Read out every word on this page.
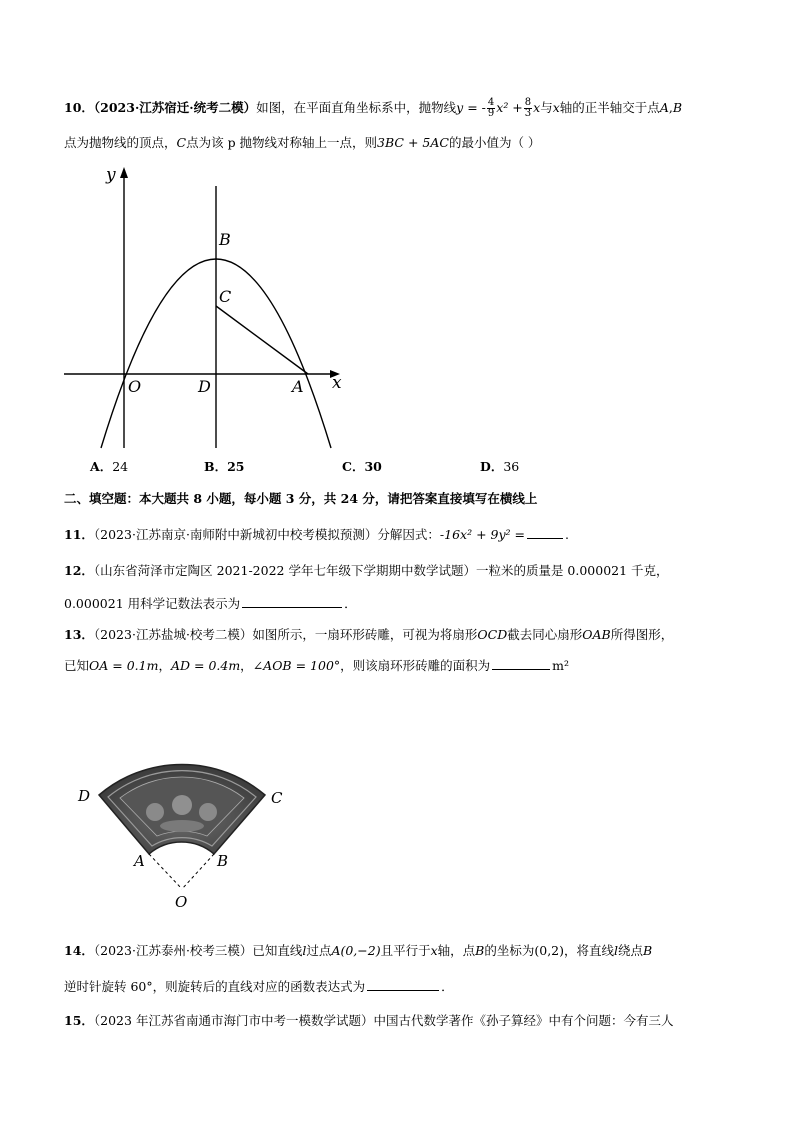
10．（2023·江苏宿迁·统考二模）如图，在平面直角坐标系中，抛物线y = - $\frac{4}{9} x^2 + \frac{8}{3}$ x与x轴的正半轴交于点A,B
点为抛物线的顶点，C点为该 p 抛物线对称轴上一点，则3BC + 5AC的最小值为（ ）
y
x
O	D	A
B
C
A．24	B．25	C．30	D．36
二、填空题：本大题共 8 小题，每小题 3 分，共 24 分，请把答案直接填写在横线上
11．（2023·江苏南京·南师附中新城初中校考模拟预测）分解因式：-16x² + 9y² =	.
12．（山东省菏泽市定陶区 2021-2022 学年七年级下学期期中数学试题）一粒米的质量是 0.000021 千克，
0.000021 用科学记数法表示为	．
13．（2023·江苏盐城·校考二模）如图所示，一扇环形砖雕，可视为将扇形OCD截去同心扇形OAB所得图形，
已知OA = 0.1m，AD = 0.4m，∠AOB = 100°，则该扇环形砖雕的面积为	m²
D	C
A	B
O
14．（2023·江苏泰州·校考三模）已知直线l过点A(0,−2)且平行于x轴，点B的坐标为(0,2)，将直线l绕点B
逆时针旋转 60°，则旋转后的直线对应的函数表达式为	．
15．（2023 年江苏省南通市海门市中考一模数学试题）中国古代数学著作《孙子算经》中有个问题：今有三人
